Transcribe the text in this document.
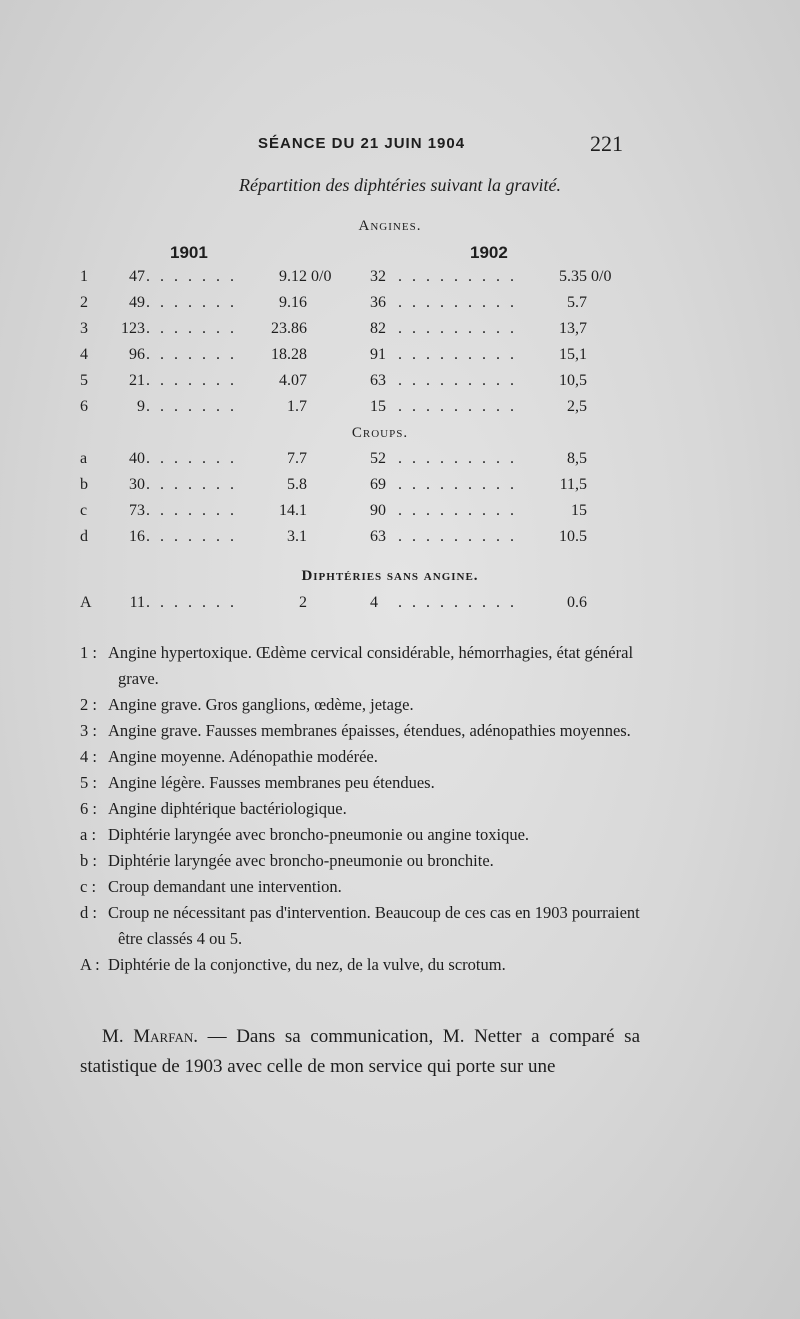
SÉANCE DU 21 JUIN 1904	221
Répartition des diphtéries suivant la gravité.
Angines.
1901	1902
Croups.
Diphtéries sans angine.
1	47 . . . . . . .	9.12 0/0 32 . . . . . . . . .	5.35 0/0
2	49 . . . . . . .	9.16	36 . . . . . . . . .	5.7
3	123 . . . . . . .	23.86	82 . . . . . . . . .	13,7
4	96 . . . . . . .	18.28	91 . . . . . . . . .	15,1
5	21 . . . . . . .	4.07	63 . . . . . . . . .	10,5
6	9 . . . . . . .	1.7	15 . . . . . . . . .	2,5
a	40 . . . . . . .	7.7	52 . . . . . . . . .	8,5
b	30 . . . . . . .	5.8	69 . . . . . . . . .	11,5
c	73 . . . . . . .	14.1	90 . . . . . . . . .	15
d	16 . . . . . . .	3.1	63 . . . . . . . . .	10.5
A	11 . . . . . . .	2	4	. . . . . . . . .	0.6

1 : Angine hypertoxique. Œdème cervical considérable, hémorrhagies, état général grave.

2 : Angine grave. Gros ganglions, œdème, jetage.

3 : Angine grave. Fausses membranes épaisses, étendues, adénopathies moyennes.

4 : Angine moyenne. Adénopathie modérée.

5 : Angine légère. Fausses membranes peu étendues.

6 : Angine diphtérique bactériologique.

a : Diphtérie laryngée avec broncho-pneumonie ou angine toxique.

b : Diphtérie laryngée avec broncho-pneumonie ou bronchite.

c : Croup demandant une intervention.

d : Croup ne nécessitant pas d'intervention. Beaucoup de ces cas en 1903 pourraient être classés 4 ou 5.

A : Diphtérie de la conjonctive, du nez, de la vulve, du scrotum.

M. Marfan. — Dans sa communication, M. Netter a comparé sa statistique de 1903 avec celle de mon service qui porte sur une
